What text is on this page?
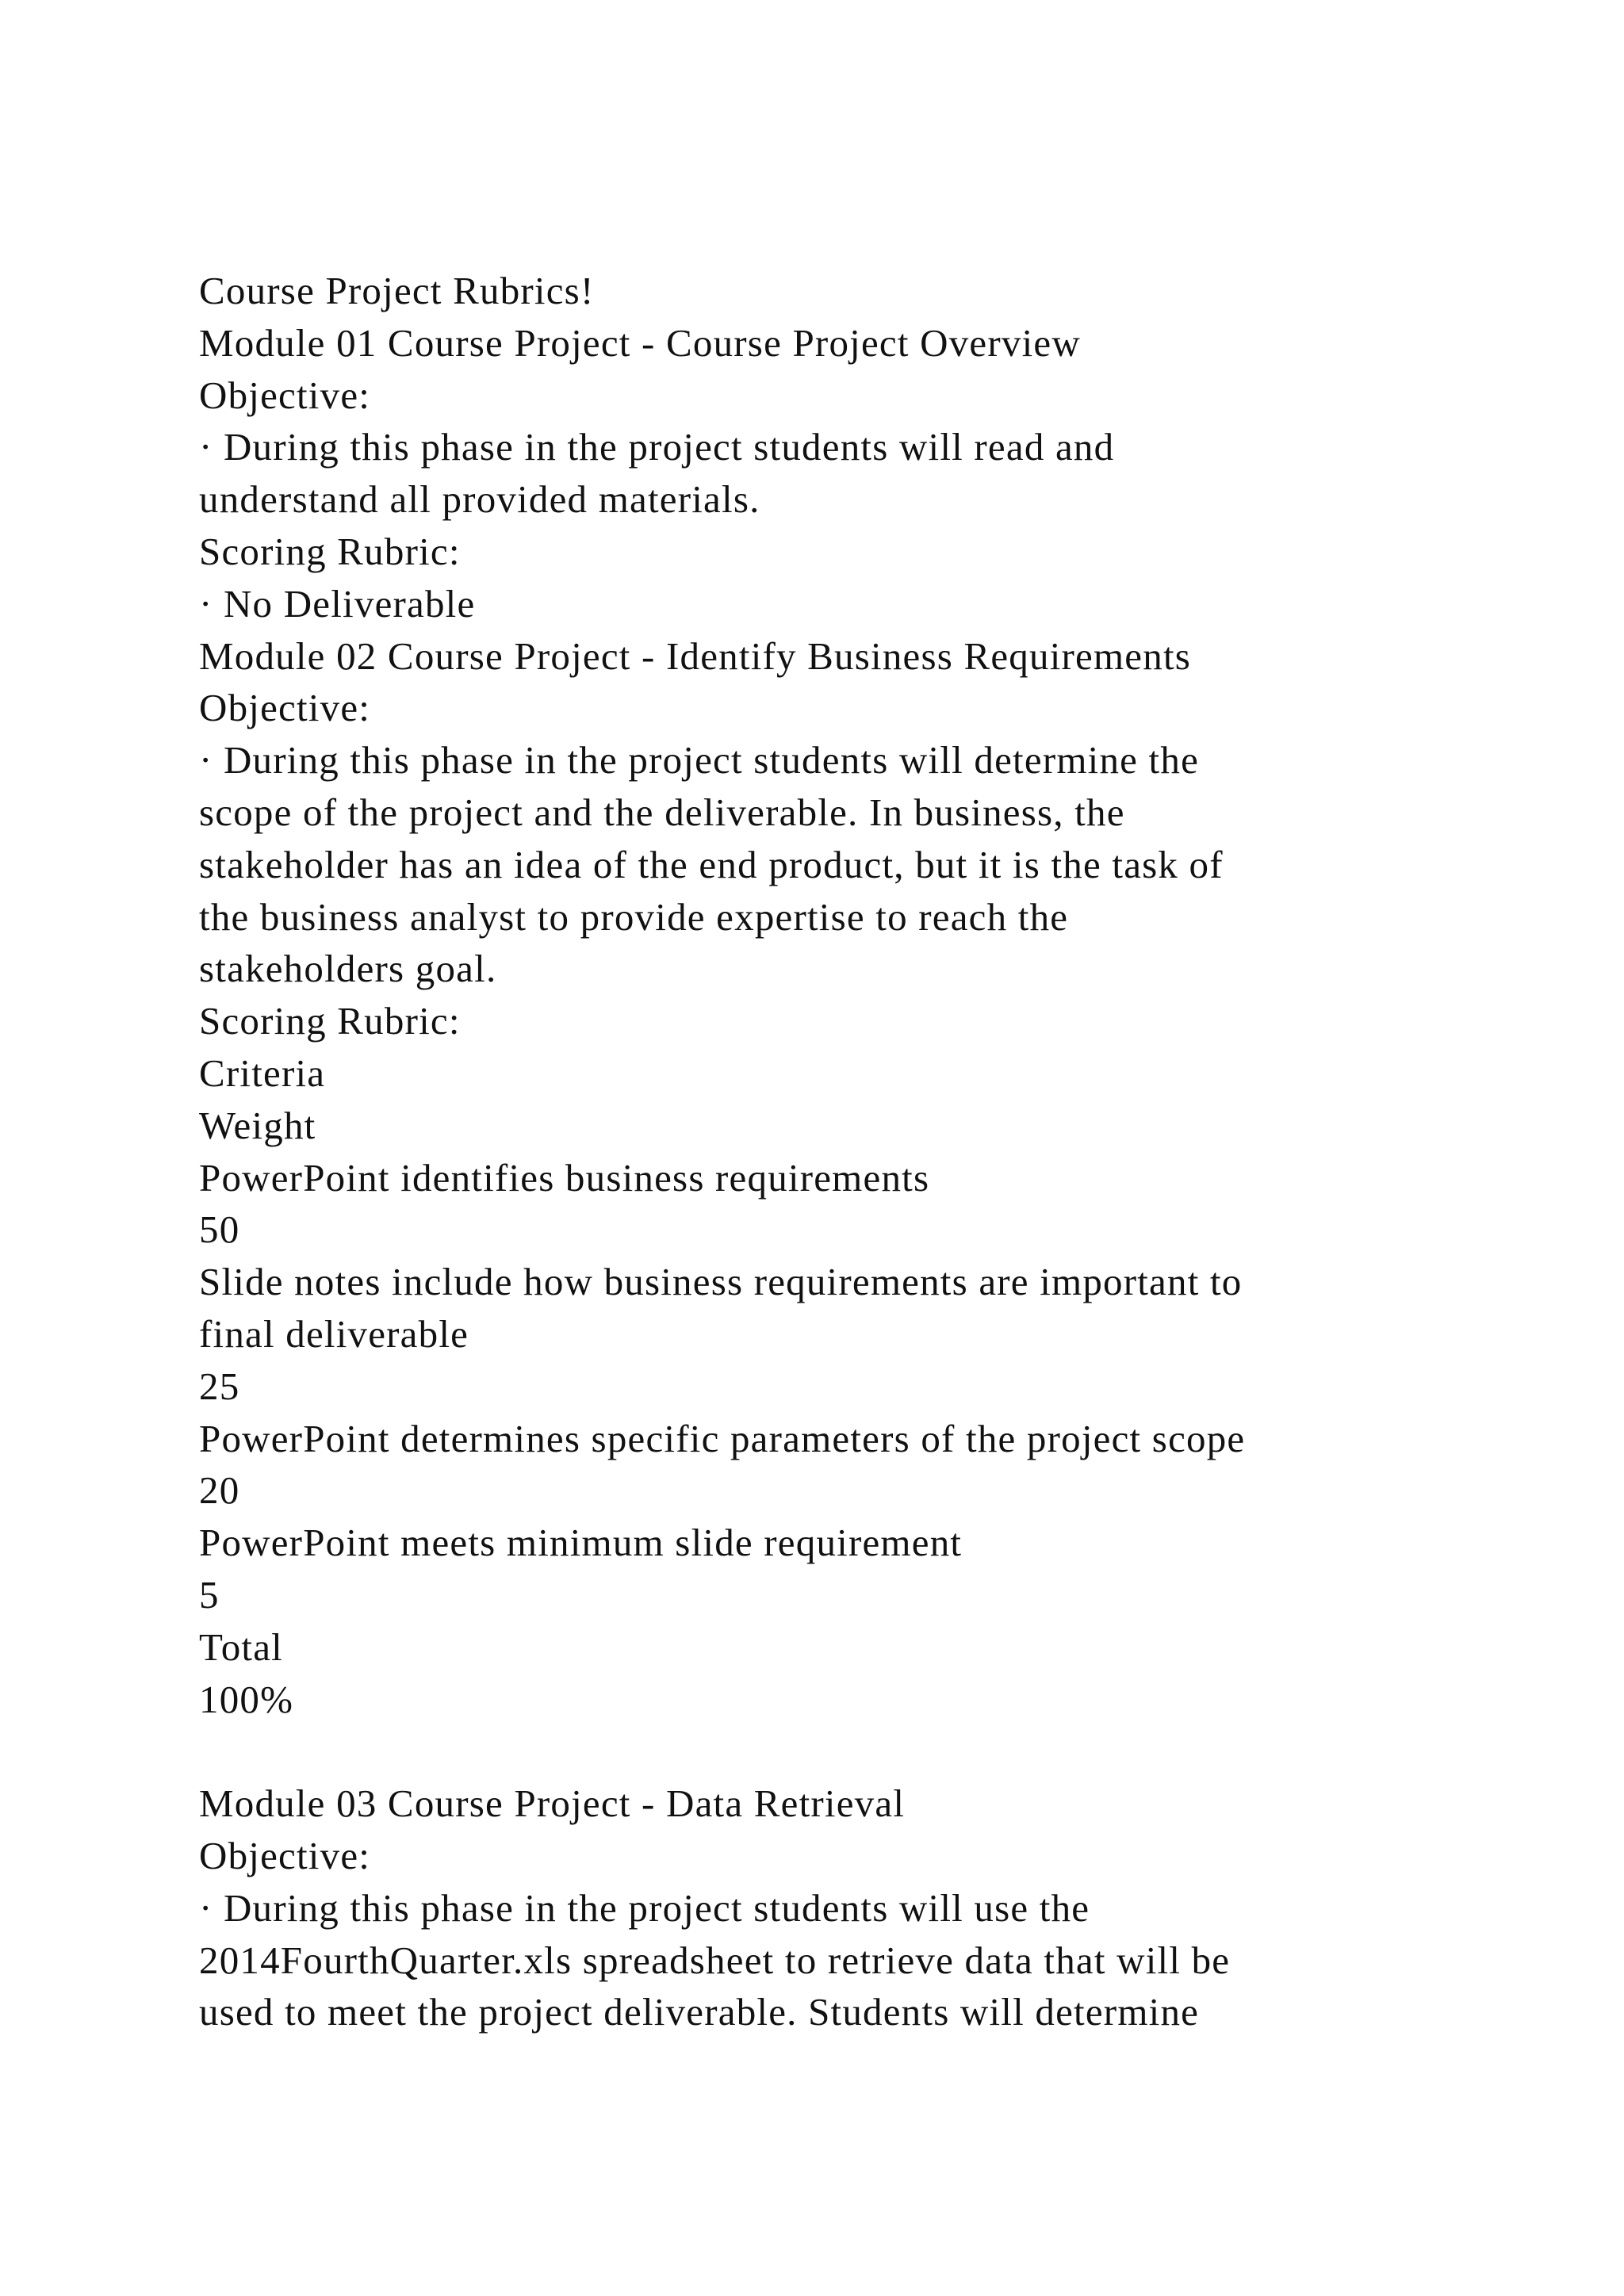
Course Project Rubrics!
Module 01 Course Project - Course Project Overview
Objective:
· During this phase in the project students will read and
understand all provided materials.
Scoring Rubric:
· No Deliverable
Module 02 Course Project - Identify Business Requirements
Objective:
· During this phase in the project students will determine the
scope of the project and the deliverable. In business, the
stakeholder has an idea of the end product, but it is the task of
the business analyst to provide expertise to reach the
stakeholders goal.
Scoring Rubric:
Criteria
Weight
PowerPoint identifies business requirements
50
Slide notes include how business requirements are important to
final deliverable
25
PowerPoint determines specific parameters of the project scope
20
PowerPoint meets minimum slide requirement
5
Total
100%
Module 03 Course Project - Data Retrieval
Objective:
· During this phase in the project students will use the
2014FourthQuarter.xls spreadsheet to retrieve data that will be
used to meet the project deliverable. Students will determine
